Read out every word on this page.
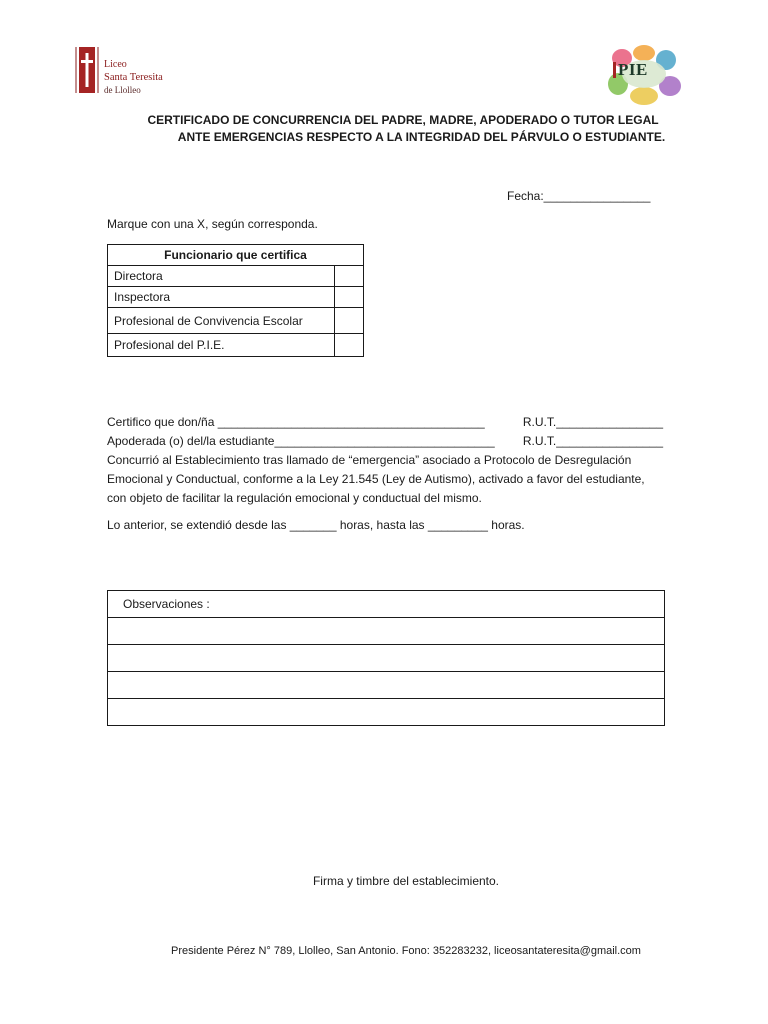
Liceo
Santa Teresita
de Llolleo
PIE
CERTIFICADO DE CONCURRENCIA DEL PADRE, MADRE, APODERADO O TUTOR LEGAL
ANTE EMERGENCIAS RESPECTO A LA INTEGRIDAD DEL PÁRVULO O ESTUDIANTE.
Fecha:________________
Marque con una X, según corresponda.
Funcionario que certifica	
Directora	
Inspectora	
Profesional de Convivencia Escolar	
Profesional del P.I.E.	
Certifico que don/ña ________________________________________	R.U.T.________________
Apoderada (o) del/la estudiante_________________________________ R.U.T.________________
Concurrió al Establecimiento tras llamado de “emergencia” asociado a Protocolo de Desregulación
Emocional y Conductual, conforme a la Ley 21.545 (Ley de Autismo), activado a favor del estudiante,
con objeto de facilitar la regulación emocional y conductual del mismo.
Lo anterior, se extendió desde las _______ horas, hasta las _________ horas.
Observaciones :

Firma y timbre del establecimiento.
Presidente Pérez N° 789, Llolleo, San Antonio. Fono: 352283232, liceosantateresita@gmail.com
